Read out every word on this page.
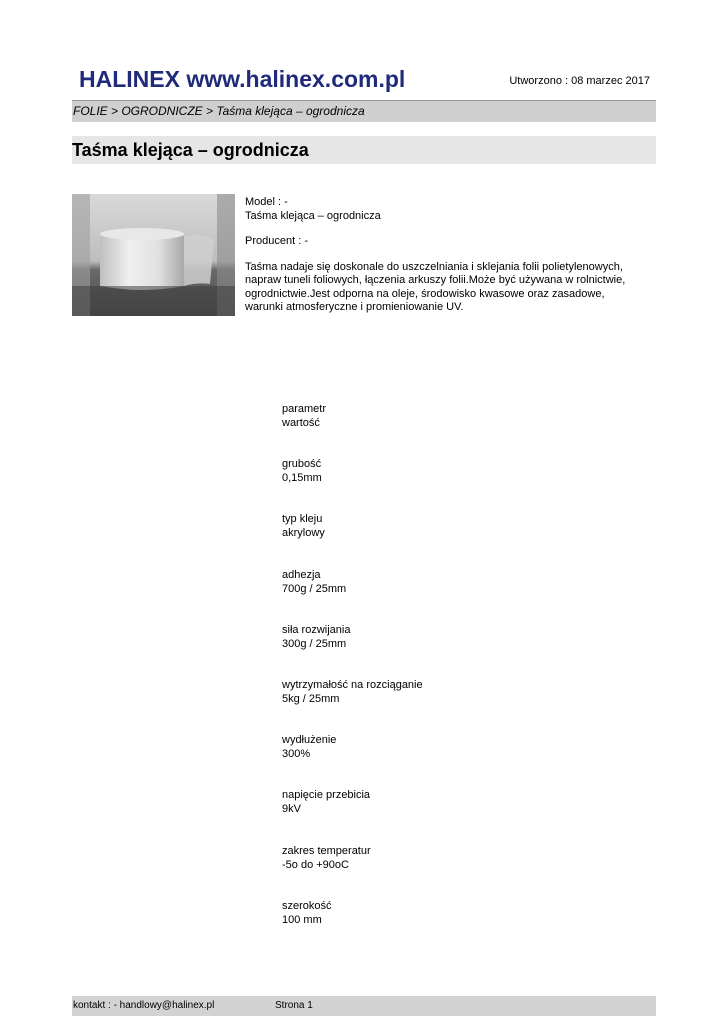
HALINEX www.halinex.com.pl	Utworzono : 08 marzec 2017
FOLIE > OGRODNICZE > Taśma klejąca – ogrodnicza
Taśma klejąca – ogrodnicza

Model : -

Taśma klejąca – ogrodnicza

Producent : -

Taśma nadaje się doskonale do uszczelniania i sklejania folii polietylenowych, napraw tuneli foliowych, łączenia arkuszy folii.Może być używana w rolnictwie, ogrodnictwie.Jest odporna na oleje, środowisko kwasowe oraz zasadowe, warunki atmosferyczne i promieniowanie UV.

parametr
wartość
grubość
0,15mm
typ kleju
akrylowy
adhezja
700g / 25mm
siła rozwijania
300g / 25mm
wytrzymałość na rozciąganie
5kg / 25mm
wydłużenie
300%
napięcie przebicia
9kV
zakres temperatur
-5o do +90oC
szerokość
100 mm
kontakt : - handlowy@halinex.pl	Strona 1
